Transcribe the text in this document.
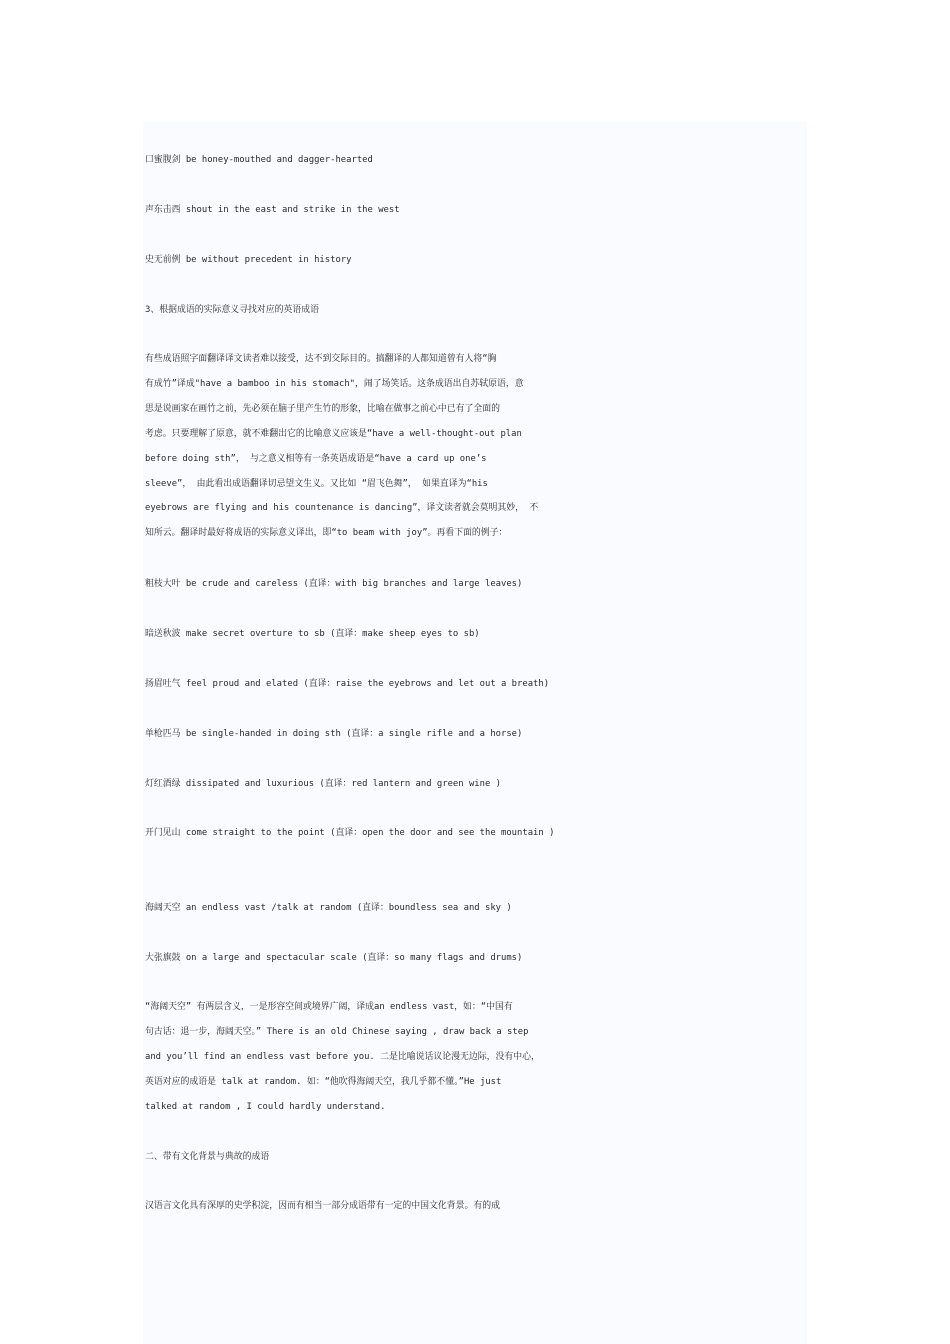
口蜜腹剑 be honey-mouthed and dagger-hearted

声东击西 shout in the east and strike in the west

史无前例 be without precedent in history

3、根据成语的实际意义寻找对应的英语成语

有些成语照字面翻译译文读者难以接受，达不到交际目的。搞翻译的人都知道曾有人将“胸
有成竹”译成"have a bamboo in his stomach"，闹了场笑话。这条成语出自苏轼原语，意
思是说画家在画竹之前，先必须在脑子里产生竹的形象，比喻在做事之前心中已有了全面的
考虑。只要理解了原意，就不难翻出它的比喻意义应该是“have a well-thought-out plan
before doing sth”， 与之意义相等有一条英语成语是“have a card up one’s
sleeve”， 由此看出成语翻译切忌望文生义。又比如 “眉飞色舞”， 如果直译为“his
eyebrows are flying and his countenance is dancing”，译文读者就会莫明其妙， 不
知所云。翻译时最好将成语的实际意义译出，即“to beam with joy”。再看下面的例子：

粗枝大叶 be crude and careless (直译：with big branches and large leaves)

暗送秋波 make secret overture to sb (直译：make sheep eyes to sb)

扬眉吐气 feel proud and elated (直译：raise the eyebrows and let out a breath)

单枪匹马 be single-handed in doing sth (直译：a single rifle and a horse)

灯红酒绿 dissipated and luxurious (直译：red lantern and green wine )

开门见山 come straight to the point (直译：open the door and see the mountain )

海阔天空 an endless vast /talk at random (直译：boundless sea and sky )

大张旗鼓 on a large and spectacular scale (直译：so many flags and drums)

“海阔天空” 有两层含义，一是形容空间或境界广阔，译成an endless vast，如：“中国有
句古话：退一步，海阔天空。” There is an old Chinese saying , draw back a step
and you’ll find an endless vast before you. 二是比喻说话议论漫无边际，没有中心，
英语对应的成语是 talk at random. 如：“他吹得海阔天空，我几乎都不懂。”He just
talked at random , I could hardly understand.

二、带有文化背景与典故的成语

汉语言文化具有深厚的史学积淀，因而有相当一部分成语带有一定的中国文化背景。有的成
